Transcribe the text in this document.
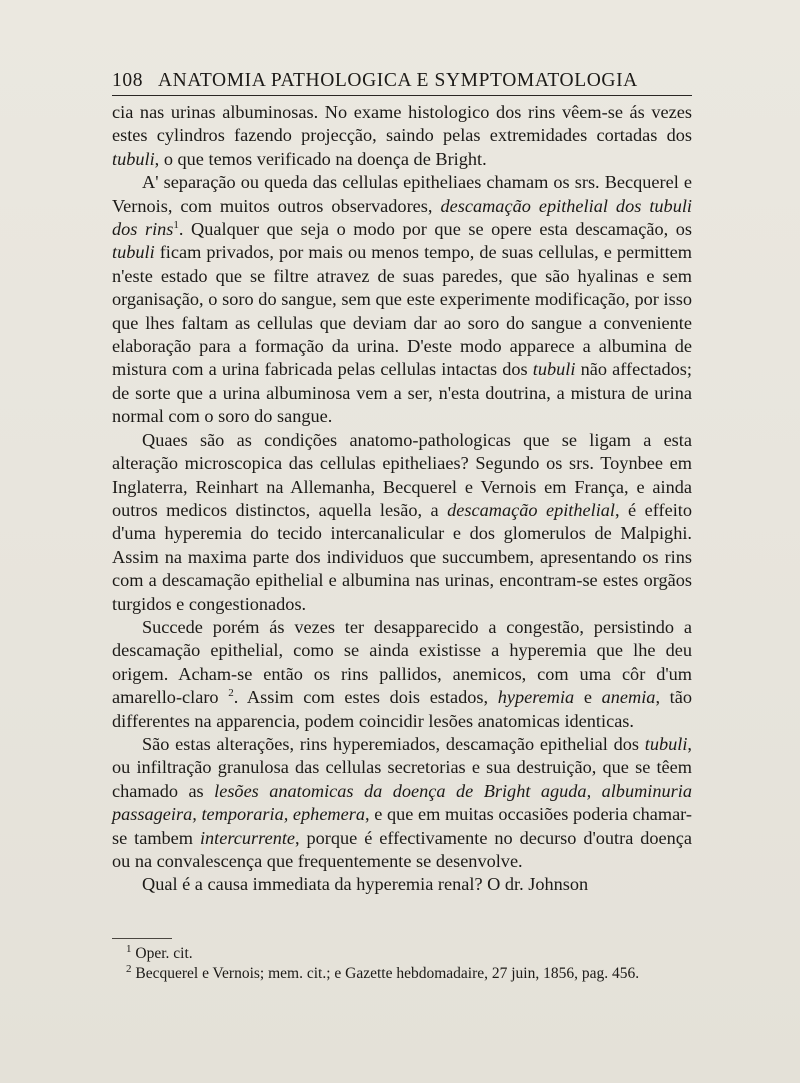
108 ANATOMIA PATHOLOGICA E SYMPTOMATOLOGIA

cia nas urinas albuminosas. No exame histologico dos rins vêem-se ás vezes estes cylindros fazendo projecção, saindo pelas extremidades cortadas dos tubuli, o que temos verificado na doença de Bright.

A' separação ou queda das cellulas epitheliaes chamam os srs. Becquerel e Vernois, com muitos outros observadores, descamação epithelial dos tubuli dos rins$^1$. Qualquer que seja o modo por que se opere esta descamação, os tubuli ficam privados, por mais ou menos tempo, de suas cellulas, e permittem n'este estado que se filtre atravez de suas paredes, que são hyalinas e sem organisação, o soro do sangue, sem que este experimente modificação, por isso que lhes faltam as cellulas que deviam dar ao soro do sangue a conveniente elaboração para a formação da urina. D'este modo apparece a albumina de mistura com a urina fabricada pelas cellulas intactas dos tubuli não affectados; de sorte que a urina albuminosa vem a ser, n'esta doutrina, a mistura de urina normal com o soro do sangue.

Quaes são as condições anatomo-pathologicas que se ligam a esta alteração microscopica das cellulas epitheliaes? Segundo os srs. Toynbee em Inglaterra, Reinhart na Allemanha, Becquerel e Vernois em França, e ainda outros medicos distinctos, aquella lesão, a descamação epithelial, é effeito d'uma hyperemia do tecido intercanalicular e dos glomerulos de Malpighi. Assim na maxima parte dos individuos que succumbem, apresentando os rins com a descamação epithelial e albumina nas urinas, encontram-se estes orgãos turgidos e congestionados.

Succede porém ás vezes ter desapparecido a congestão, persistindo a descamação epithelial, como se ainda existisse a hyperemia que lhe deu origem. Acham-se então os rins pallidos, anemicos, com uma côr d'um amarello-claro $^2$. Assim com estes dois estados, hyperemia e anemia, tão differentes na apparencia, podem coincidir lesões anatomicas identicas.

São estas alterações, rins hyperemiados, descamação epithelial dos tubuli, ou infiltração granulosa das cellulas secretorias e sua destruição, que se têem chamado as lesões anatomicas da doença de Bright aguda, albuminuria passageira, temporaria, ephemera, e que em muitas occasiões poderia chamar-se tambem intercurrente, porque é effectivamente no decurso d'outra doença ou na convalescença que frequentemente se desenvolve.

Qual é a causa immediata da hyperemia renal? O dr. Johnson

$^1$ Oper. cit.
$^2$ Becquerel e Vernois; mem. cit.; e Gazette hebdomadaire, 27 juin, 1856, pag. 456.
